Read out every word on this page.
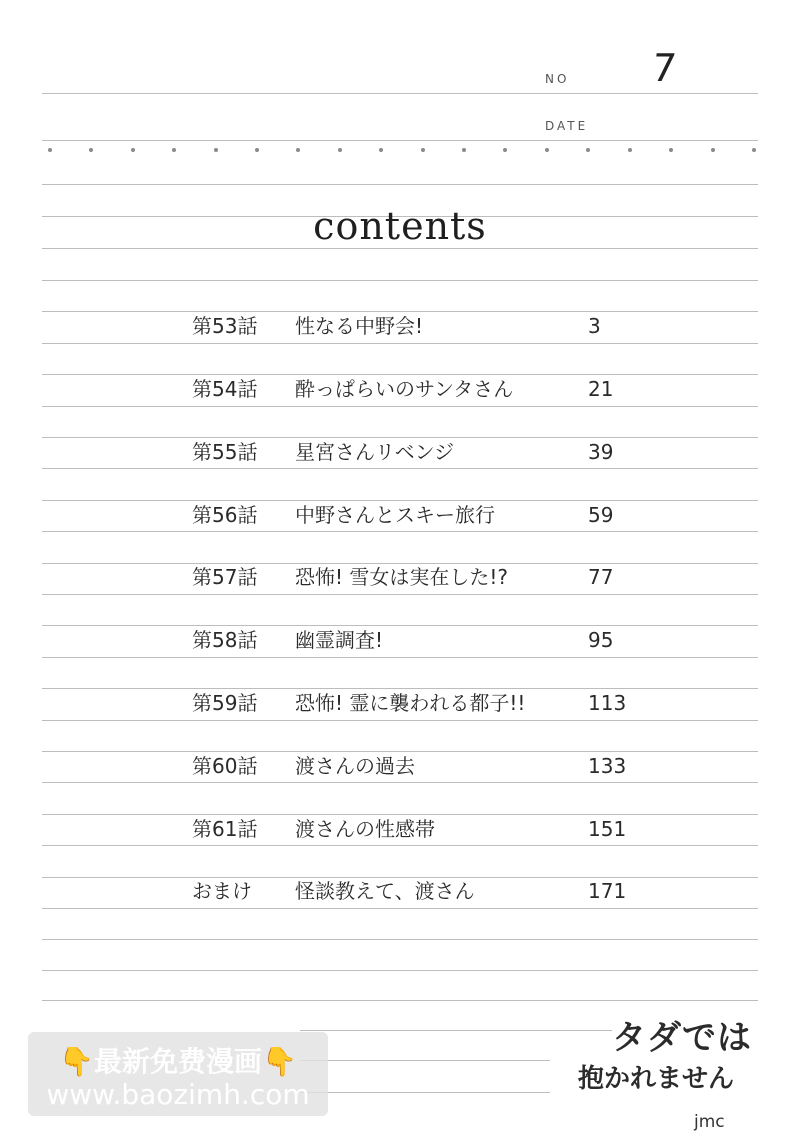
NO 7
DATE
contents
第53話 性なる中野会!	3
第54話 酔っぱらいのサンタさん	21
第55話 星宮さんリベンジ	39
第56話 中野さんとスキー旅行	59
第57話 恐怖! 雪女は実在した!?	77
第58話 幽霊調査!	95
第59話 恐怖! 霊に襲われる都子!!	113
第60話 渡さんの過去	133
第61話 渡さんの性感帯	151
おまけ 怪談教えて、渡さん	171
👇最新免费漫画👇
www.baozimh.com
タダでは
抱かれません
jmc
